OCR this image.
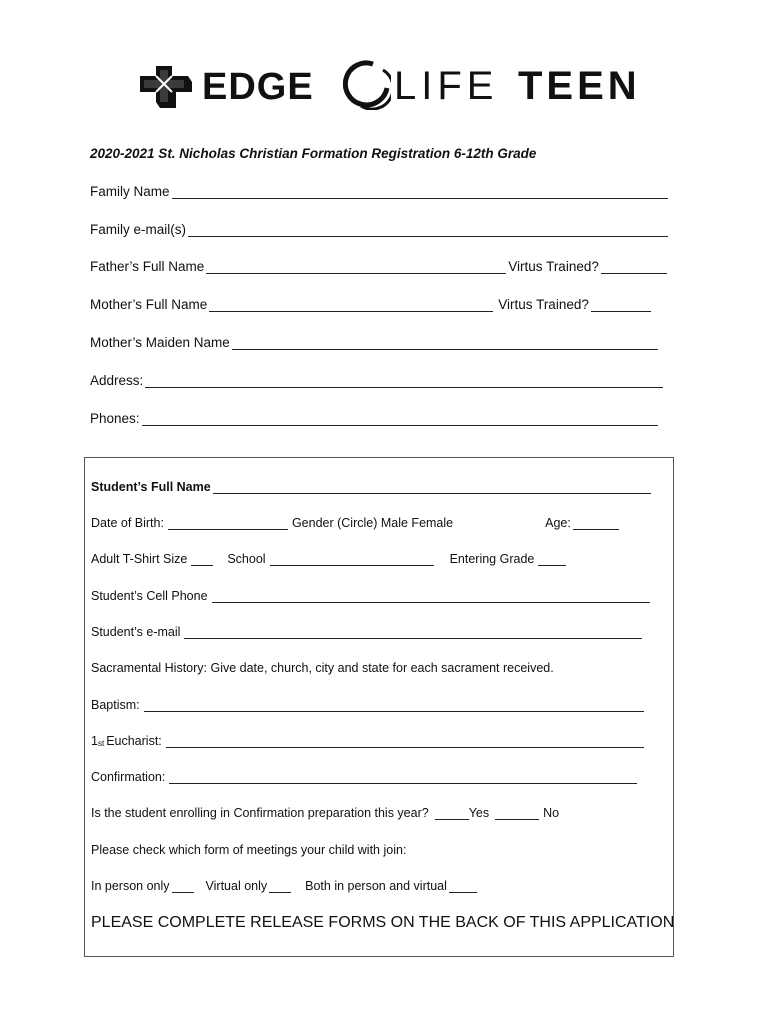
EDGE LIFE TEEN
2020-2021 St. Nicholas Christian Formation Registration 6-12th Grade
Family Name
Family e-mail(s)
Father’s Full Name	Virtus Trained?
Mother’s Full Name	Virtus Trained?
Mother’s Maiden Name
Address:
Phones:
Student’s Full Name
Date of Birth:	Gender (Circle) Male Female	Age:
Adult T-Shirt Size	School	Entering Grade
Student’s Cell Phone
Student’s e-mail
Sacramental History: Give date, church, city and state for each sacrament received.
Baptism:
$1_{st}$ Eucharist:
Confirmation:
Is the student enrolling in Confirmation preparation this year?	Yes	No
Please check which form of meetings your child with join:
In person only	Virtual only	Both in person and virtual
PLEASE COMPLETE RELEASE FORMS ON THE BACK OF THIS APPLICATION
